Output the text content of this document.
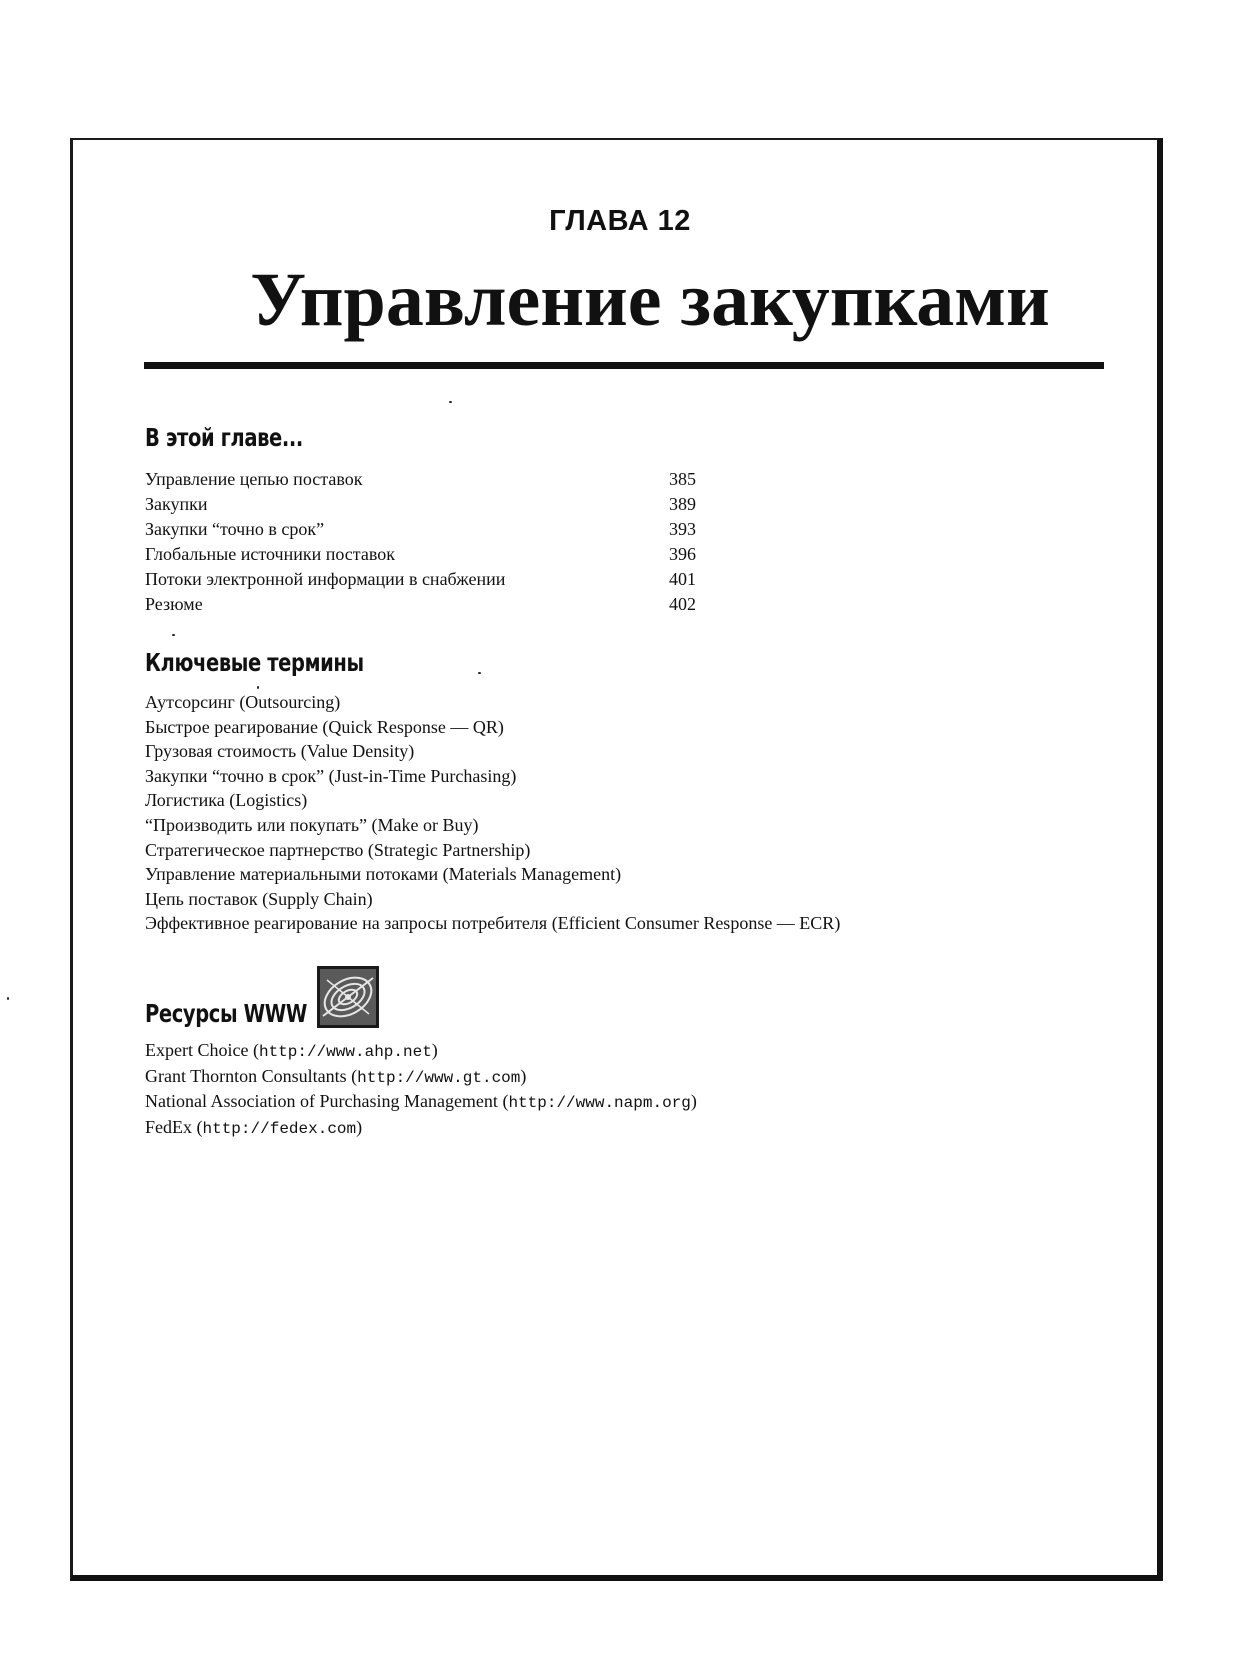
ГЛАВА 12
Управление закупками
В этой главе...
Управление цепью поставок	385
Закупки	389
Закупки “точно в срок”	393
Глобальные источники поставок	396
Потоки электронной информации в снабжении	401
Резюме	402
Ключевые термины
Аутсорсинг (Outsourcing)
Быстрое реагирование (Quick Response — QR)
Грузовая стоимость (Value Density)
Закупки “точно в срок” (Just-in-Time Purchasing)
Логистика (Logistics)
“Производить или покупать” (Make or Buy)
Стратегическое партнерство (Strategic Partnership)
Управление материальными потоками (Materials Management)
Цепь поставок (Supply Chain)
Эффективное реагирование на запросы потребителя (Efficient Consumer Response — ECR)
Ресурсы WWW
Expert Choice (http://www.ahp.net)
Grant Thornton Consultants (http://www.gt.com)
National Association of Purchasing Management (http://www.napm.org)
FedEx (http://fedex.com)
